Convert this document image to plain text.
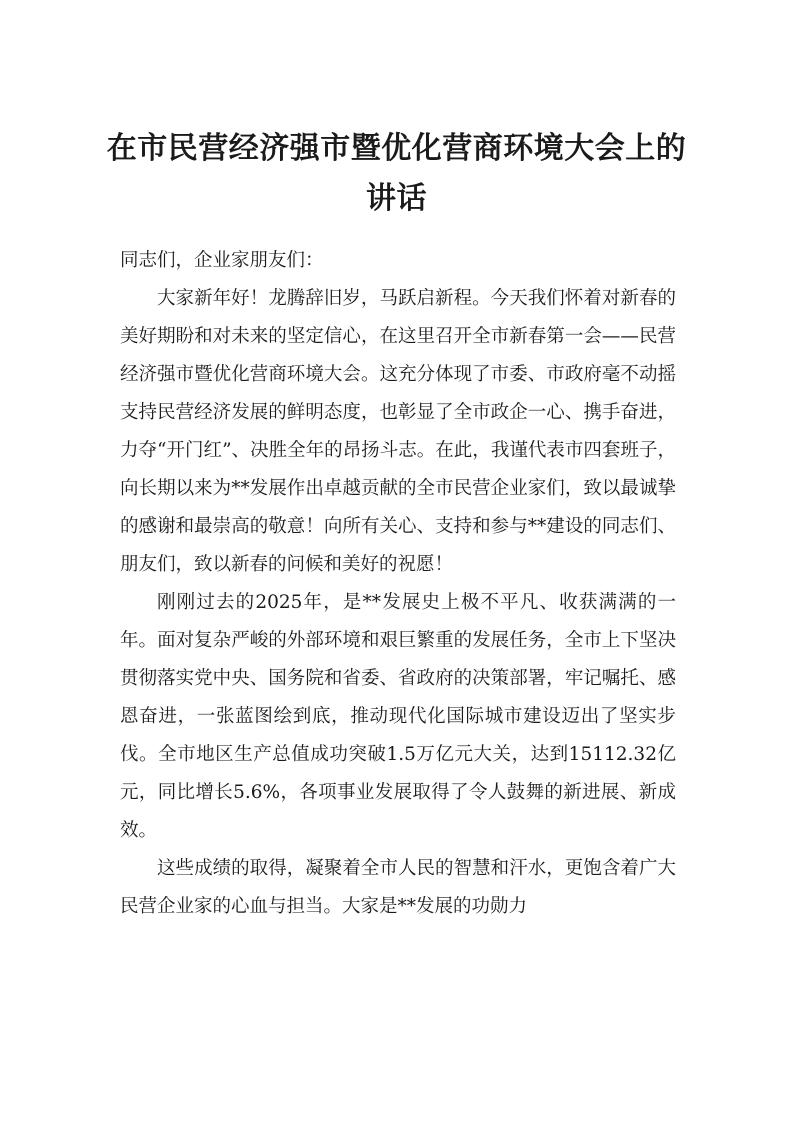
在市民营经济强市暨优化营商环境大会上的讲话

同志们，企业家朋友们：

大家新年好！龙腾辞旧岁，马跃启新程。今天我们怀着对新春的美好期盼和对未来的坚定信心，在这里召开全市新春第一会——民营经济强市暨优化营商环境大会。这充分体现了市委、市政府毫不动摇支持民营经济发展的鲜明态度，也彰显了全市政企一心、携手奋进，力夺“开门红”、决胜全年的昂扬斗志。在此，我谨代表市四套班子，向长期以来为**发展作出卓越贡献的全市民营企业家们，致以最诚挚的感谢和最崇高的敬意！向所有关心、支持和参与**建设的同志们、朋友们，致以新春的问候和美好的祝愿！

刚刚过去的2025年，是**发展史上极不平凡、收获满满的一年。面对复杂严峻的外部环境和艰巨繁重的发展任务，全市上下坚决贯彻落实党中央、国务院和省委、省政府的决策部署，牢记嘱托、感恩奋进，一张蓝图绘到底，推动现代化国际城市建设迈出了坚实步伐。全市地区生产总值成功突破1.5万亿元大关，达到15112.32亿元，同比增长5.6%，各项事业发展取得了令人鼓舞的新进展、新成效。

这些成绩的取得，凝聚着全市人民的智慧和汗水，更饱含着广大民营企业家的心血与担当。大家是**发展的功勋力
